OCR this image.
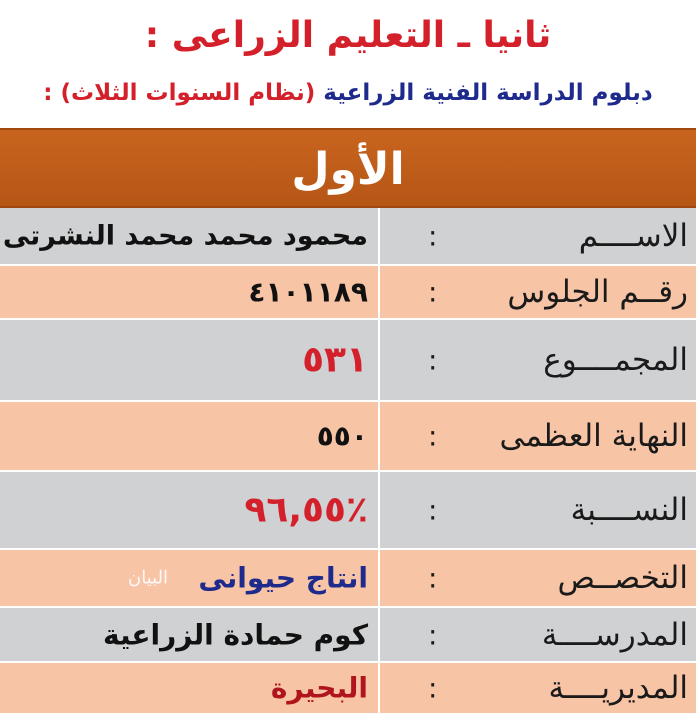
ثانيا ـ التعليم الزراعى :
دبلوم الدراسة الفنية الزراعية (نظام السنوات الثلاث) :
الأول
الاســــم
:
محمود محمد محمد النشرتى
رقــم الجلوس
:
٤١٠١١٨٩
المجمــــوع
:
٥٣١
النهاية العظمى
:
٥٥٠
النســــبة
:
٪٩٦,٥٥
التخصــص
:
انتاج حيوانى
البيان
المدرســــة
:
كوم حمادة الزراعية
المديريــــة
:
البحيرة
